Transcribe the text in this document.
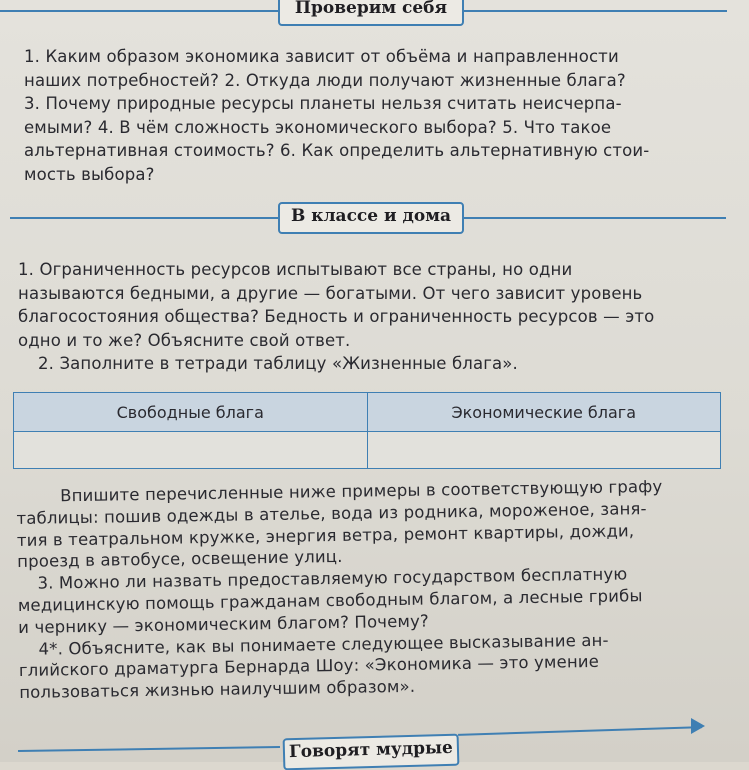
Проверим себя
1. Каким образом экономика зависит от объёма и направленности
наших потребностей? 2. Откуда люди получают жизненные блага?
3. Почему природные ресурсы планеты нельзя считать неисчерпа-
емыми? 4. В чём сложность экономического выбора? 5. Что такое
альтернативная стоимость? 6. Как определить альтернативную стои-
мость выбора?
В классе и дома
1. Ограниченность ресурсов испытывают все страны, но одни
называются бедными, а другие — богатыми. От чего зависит уровень
благосостояния общества? Бедность и ограниченность ресурсов — это
одно и то же? Объясните свой ответ.
2. Заполните в тетради таблицу «Жизненные блага».
Свободные блага	Экономические блага

Впишите перечисленные ниже примеры в соответствующую графу
таблицы: пошив одежды в ателье, вода из родника, мороженое, заня-
тия в театральном кружке, энергия ветра, ремонт квартиры, дожди,
проезд в автобусе, освещение улиц.
3. Можно ли назвать предоставляемую государством бесплатную
медицинскую помощь гражданам свободным благом, а лесные грибы
и чернику — экономическим благом? Почему?
4*. Объясните, как вы понимаете следующее высказывание ан-
глийского драматурга Бернарда Шоу: «Экономика — это умение
пользоваться жизнью наилучшим образом».
Говорят мудрые
